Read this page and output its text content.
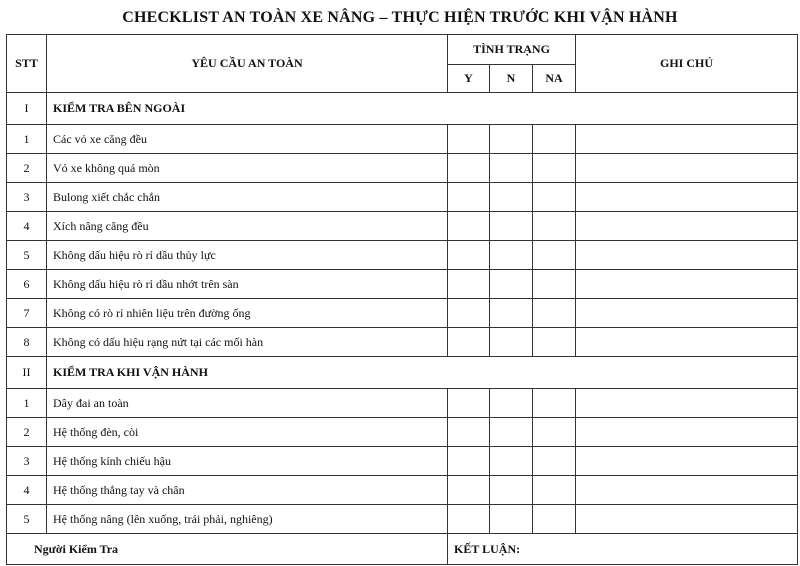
CHECKLIST AN TOÀN XE NÂNG – THỰC HIỆN TRƯỚC KHI VẬN HÀNH
STT	YÊU CẦU AN TOÀN	TÌNH TRẠNG			GHI CHÚ
		Y	N	NA	
I	KIỂM TRA BÊN NGOÀI				
1	Các vỏ xe căng đều				
2	Vỏ xe không quá mòn				
3	Bulong xiết chắc chắn				
4	Xích nâng căng đều				
5	Không dấu hiệu rò rỉ dầu thủy lực				
6	Không dấu hiệu rò rỉ dầu nhớt trên sàn				
7	Không có rò rỉ nhiên liệu trên đường ống				
8	Không có dấu hiệu rạng nứt tại các mối hàn				
II	KIỂM TRA KHI VẬN HÀNH				
1	Dây đai an toàn				
2	Hệ thống đèn, còi				
3	Hệ thống kính chiếu hậu				
4	Hệ thống thắng tay và chân				
5	Hệ thống nâng (lên xuống, trái phải, nghiêng)				
Người Kiểm Tra		KẾT LUẬN:			
